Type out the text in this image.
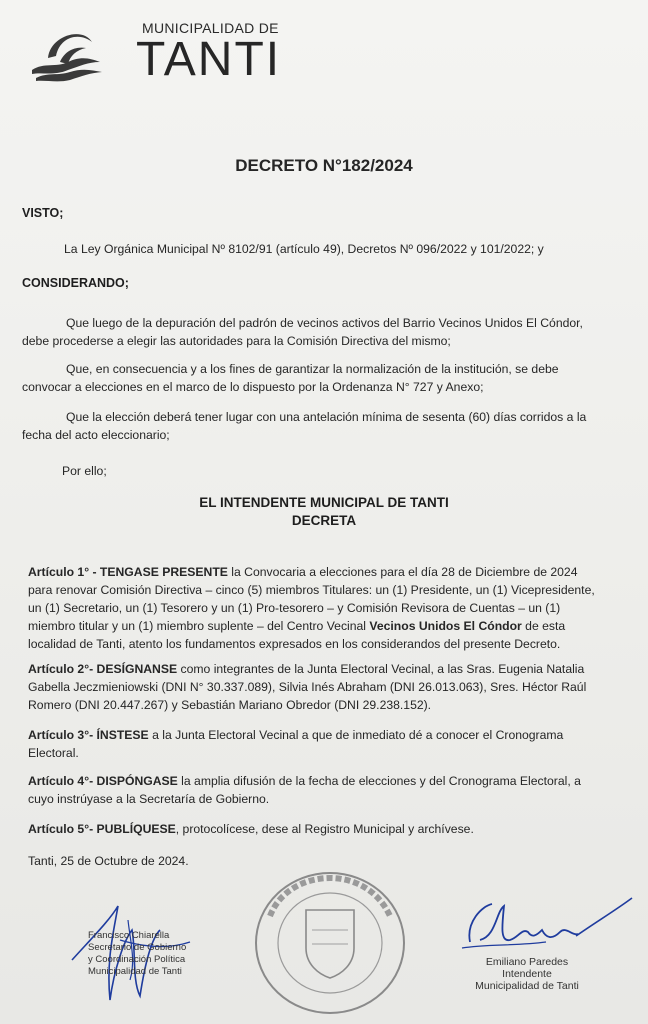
MUNICIPALIDAD DE
TANTI
DECRETO N°182/2024
VISTO;
La Ley Orgánica Municipal Nº 8102/91 (artículo 49), Decretos Nº 096/2022 y 101/2022; y
CONSIDERANDO;
Que luego de la depuración del padrón de vecinos activos del Barrio Vecinos Unidos El Cóndor,
debe procederse a elegir las autoridades para la Comisión Directiva del mismo;
Que, en consecuencia y a los fines de garantizar la normalización de la institución, se debe
convocar a elecciones en el marco de lo dispuesto por la Ordenanza N° 727 y Anexo;
Que la elección deberá tener lugar con una antelación mínima de sesenta (60) días corridos a la
fecha del acto eleccionario;
Por ello;
EL INTENDENTE MUNICIPAL DE TANTI
DECRETA
Artículo 1° - TENGASE PRESENTE la Convocaria a elecciones para el día 28 de Diciembre de 2024 para renovar Comisión Directiva – cinco (5) miembros Titulares: un (1) Presidente, un (1) Vicepresidente, un (1) Secretario, un (1) Tesorero y un (1) Pro-tesorero – y Comisión Revisora de Cuentas – un (1) miembro titular y un (1) miembro suplente – del Centro Vecinal Vecinos Unidos El Cóndor de esta localidad de Tanti, atento los fundamentos expresados en los considerandos del presente Decreto.
Artículo 2°- DESÍGNANSE como integrantes de la Junta Electoral Vecinal, a las Sras. Eugenia Natalia Gabella Jeczmieniowski (DNI N° 30.337.089), Silvia Inés Abraham (DNI 26.013.063), Sres. Héctor Raúl Romero (DNI 20.447.267) y Sebastián Mariano Obredor (DNI 29.238.152).
Artículo 3°- ÍNSTESE a la Junta Electoral Vecinal a que de inmediato dé a conocer el Cronograma Electoral.
Artículo 4°- DISPÓNGASE la amplia difusión de la fecha de elecciones y del Cronograma Electoral, a cuyo instrúyase a la Secretaría de Gobierno.
Artículo 5°- PUBLÍQUESE, protocolícese, dese al Registro Municipal y archívese.
Tanti, 25 de Octubre de 2024.
Francisco Chiarella
Secretario de Gobierno
y Coordinación Política
Municipalidad de Tanti
Emiliano Paredes
Intendente
Municipalidad de Tanti
